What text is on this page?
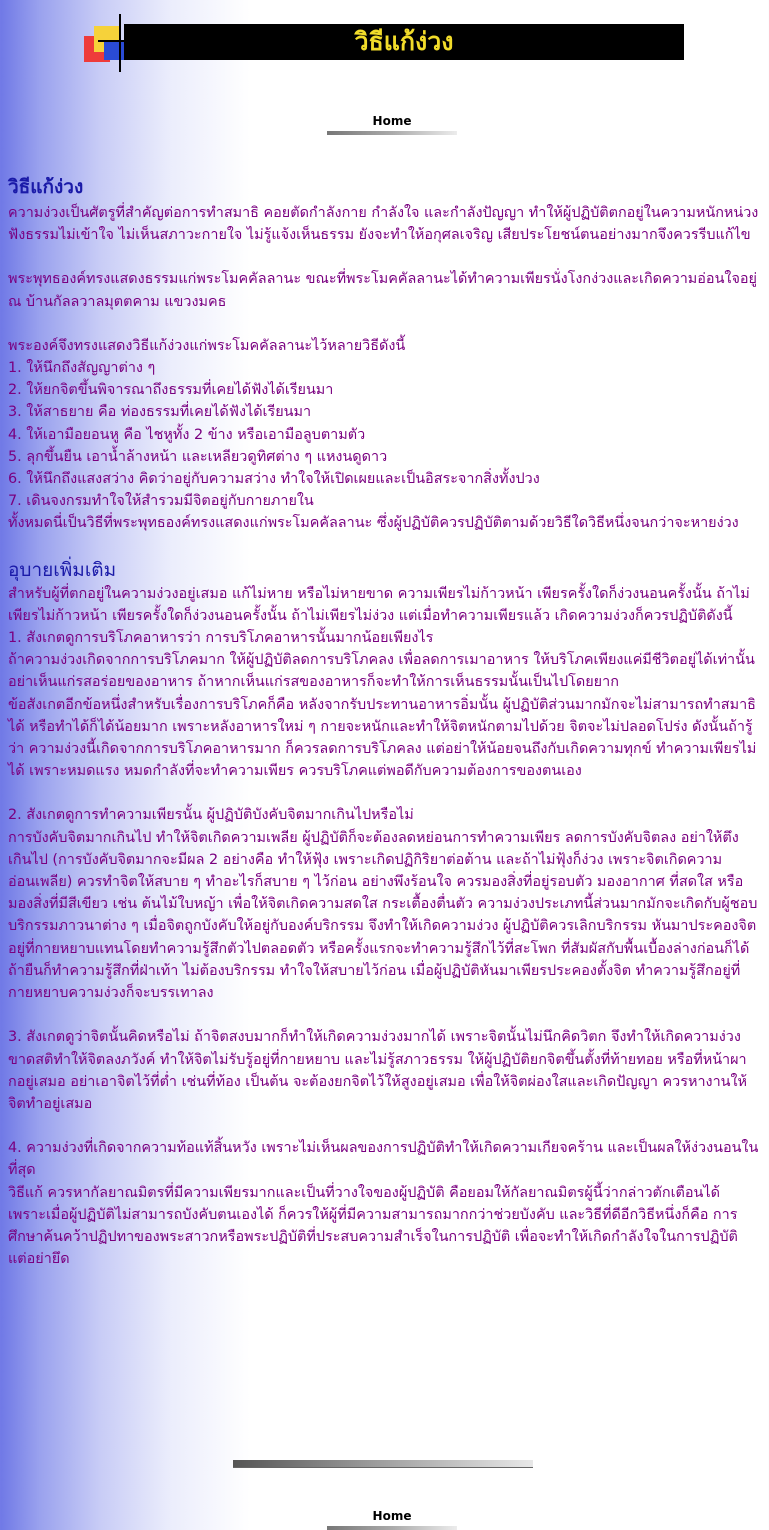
วิธีแก้ง่วง
Home

วิธีแก้ง่วง

ความง่วงเป็นศัตรูที่สำคัญต่อการทำสมาธิ คอยตัดกำลังกาย กำลังใจ และกำลังปัญญา ทำให้ผู้ปฏิบัติตกอยู่ในความหนักหน่วง ฟังธรรมไม่เข้าใจ ไม่เห็นสภาวะกายใจ ไม่รู้แจ้งเห็นธรรม ยังจะทำให้อกุศลเจริญ เสียประโยชน์ตนอย่างมากจึงควรรีบแก้ไข

พระพุทธองค์ทรงแสดงธรรมแก่พระโมคคัลลานะ ขณะที่พระโมคคัลลานะได้ทำความเพียรนั่งโงกง่วงและเกิดความอ่อนใจอยู่ ณ บ้านกัลลวาลมุตตคาม แขวงมคธ

พระองค์จึงทรงแสดงวิธีแก้ง่วงแก่พระโมคคัลลานะไว้หลายวิธีดังนี้

1. ให้นึกถึงสัญญาต่าง ๆ

2. ให้ยกจิตขึ้นพิจารณาถึงธรรมที่เคยได้ฟังได้เรียนมา

3. ให้สาธยาย คือ ท่องธรรมที่เคยได้ฟังได้เรียนมา

4. ให้เอามือยอนหู คือ ไชหูทั้ง 2 ข้าง หรือเอามือลูบตามตัว

5. ลุกขึ้นยืน เอาน้ำล้างหน้า และเหลียวดูทิศต่าง ๆ แหงนดูดาว

6. ให้นึกถึงแสงสว่าง คิดว่าอยู่กับความสว่าง ทำใจให้เปิดเผยและเป็นอิสระจากสิ่งทั้งปวง

7. เดินจงกรมทำใจให้สำรวมมีจิตอยู่กับกายภายใน

ทั้งหมดนี่เป็นวิธีที่พระพุทธองค์ทรงแสดงแก่พระโมคคัลลานะ ซึ่งผู้ปฏิบัติควรปฏิบัติตามด้วยวิธีใดวิธีหนึ่งจนกว่าจะหายง่วง

อุบายเพิ่มเติม

สำหรับผู้ที่ตกอยู่ในความง่วงอยู่เสมอ แก้ไม่หาย หรือไม่หายขาด ความเพียรไม่ก้าวหน้า เพียรครั้งใดก็ง่วงนอนครั้งนั้น ถ้าไม่เพียรไม่ก้าวหน้า เพียรครั้งใดก็ง่วงนอนครั้งนั้น ถ้าไม่เพียรไม่ง่วง แต่เมื่อทำความเพียรแล้ว เกิดความง่วงก็ควรปฏิบัติดังนี้

1. สังเกตดูการบริโภคอาหารว่า การบริโภคอาหารนั้นมากน้อยเพียงไร

ถ้าความง่วงเกิดจากการบริโภคมาก ให้ผู้ปฏิบัติลดการบริโภคลง เพื่อลดการเมาอาหาร ให้บริโภคเพียงแค่มีชีวิตอยู่ได้เท่านั้น อย่าเห็นแก่รสอร่อยของอาหาร ถ้าหากเห็นแก่รสของอาหารก็จะทำให้การเห็นธรรมนั้นเป็นไปโดยยาก

ข้อสังเกตอีกข้อหนึ่งสำหรับเรื่องการบริโภคก็คือ หลังจากรับประทานอาหารอิ่มนั้น ผู้ปฏิบัติส่วนมากมักจะไม่สามารถทำสมาธิได้ หรือทำได้ก็ได้น้อยมาก เพราะหลังอาหารใหม่ ๆ กายจะหนักและทำให้จิตหนักตามไปด้วย จิตจะไม่ปลอดโปร่ง ดังนั้นถ้ารู้ว่า ความง่วงนี้เกิดจากการบริโภคอาหารมาก ก็ควรลดการบริโภคลง แต่อย่าให้น้อยจนถึงกับเกิดความทุกข์ ทำความเพียรไม่ได้ เพราะหมดแรง หมดกำลังที่จะทำความเพียร ควรบริโภคแต่พอดีกับความต้องการของตนเอง

2. สังเกตดูการทำความเพียรนั้น ผู้ปฏิบัติบังคับจิตมากเกินไปหรือไม่

การบังคับจิตมากเกินไป ทำให้จิตเกิดความเพลีย ผู้ปฏิบัติก็จะต้องลดหย่อนการทำความเพียร ลดการบังคับจิตลง อย่าให้ตึงเกินไป (การบังคับจิตมากจะมีผล 2 อย่างคือ ทำให้ฟุ้ง เพราะเกิดปฏิกิริยาต่อต้าน และถ้าไม่ฟุ้งก็ง่วง เพราะจิตเกิดความอ่อนเพลีย) ควรทำจิตให้สบาย ๆ ทำอะไรก็สบาย ๆ ไว้ก่อน อย่างพึงร้อนใจ ควรมองสิ่งที่อยู่รอบตัว มองอากาศ ที่สดใส หรือมองสิ่งที่มีสีเขียว เช่น ต้นไม้ใบหญ้า เพื่อให้จิตเกิดความสดใส กระเตื้องตื่นตัว ความง่วงประเภทนี้ส่วนมากมักจะเกิดกับผู้ชอบบริกรรมภาวนาต่าง ๆ เมื่อจิตถูกบังคับให้อยู่กับองค์บริกรรม จึงทำให้เกิดความง่วง ผู้ปฏิบัติควรเลิกบริกรรม หันมาประคองจิตอยู่ที่กายหยาบแทนโดยทำความรู้สึกตัวไปตลอดตัว หรือครั้งแรกจะทำความรู้สึกไว้ที่สะโพก ที่สัมผัสกับพื้นเบื้องล่างก่อนก็ได้ ถ้ายืนก็ทำความรู้สึกที่ฝ่าเท้า ไม่ต้องบริกรรม ทำใจให้สบายไว้ก่อน เมื่อผู้ปฏิบัติหันมาเพียรประคองตั้งจิต ทำความรู้สึกอยู่ที่กายหยาบความง่วงก็จะบรรเทาลง

3. สังเกตดูว่าจิตนั้นคิดหรือไม่ ถ้าจิตสงบมากก็ทำให้เกิดความง่วงมากได้ เพราะจิตนั้นไม่นึกคิดวิตก จึงทำให้เกิดความง่วง

ขาดสติทำให้จิตลงภวังค์ ทำให้จิตไม่รับรู้อยู่ที่กายหยาบ และไม่รู้สภาวธรรม ให้ผู้ปฏิบัติยกจิตขึ้นตั้งที่ท้ายทอย หรือที่หน้าผากอยู่เสมอ อย่าเอาจิตไว้ที่ต่ำ เช่นที่ท้อง เป็นต้น จะต้องยกจิตไว้ให้สูงอยู่เสมอ เพื่อให้จิตผ่องใสและเกิดปัญญา ควรหางานให้จิตทำอยู่เสมอ

4. ความง่วงที่เกิดจากความท้อแท้สิ้นหวัง เพราะไม่เห็นผลของการปฏิบัติทำให้เกิดความเกียจคร้าน และเป็นผลให้ง่วงนอนในที่สุด

วิธีแก้ ควรหากัลยาณมิตรที่มีความเพียรมากและเป็นที่วางใจของผู้ปฏิบัติ คือยอมให้กัลยาณมิตรผู้นี้ว่ากล่าวตักเตือนได้ เพราะเมื่อผู้ปฏิบัติไม่สามารถบังคับตนเองได้ ก็ควรให้ผู้ที่มีความสามารถมากกว่าช่วยบังคับ และวิธีที่ดีอีกวิธีหนึ่งก็คือ การศึกษาค้นคว้าปฏิปทาของพระสาวกหรือพระปฏิบัติที่ประสบความสำเร็จในการปฏิบัติ เพื่อจะทำให้เกิดกำลังใจในการปฏิบัติ แต่อย่ายึด

Home
